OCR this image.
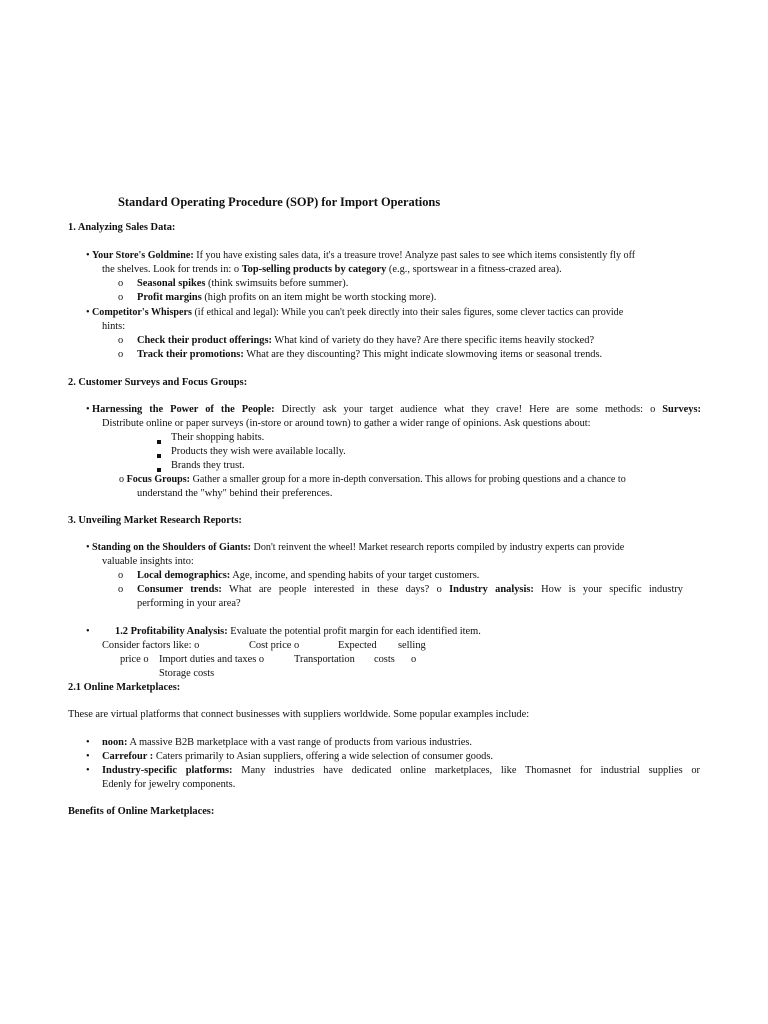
Standard Operating Procedure (SOP) for Import Operations
1. Analyzing Sales Data:
• Your Store's Goldmine: If you have existing sales data, it's a treasure trove! Analyze past sales to see which items consistently fly off
the shelves. Look for trends in: o Top-selling products by category (e.g., sportswear in a fitness-crazed area).
o Seasonal spikes (think swimsuits before summer).
o Profit margins (high profits on an item might be worth stocking more).
• Competitor's Whispers (if ethical and legal): While you can't peek directly into their sales figures, some clever tactics can provide
hints:
o Check their product offerings: What kind of variety do they have? Are there specific items heavily stocked?
o Track their promotions: What are they discounting? This might indicate slowmoving items or seasonal trends.
2. Customer Surveys and Focus Groups:
• Harnessing the Power of the People: Directly ask your target audience what they crave! Here are some methods: o Surveys:
Distribute online or paper surveys (in-store or around town) to gather a wider range of opinions. Ask questions about:
Their shopping habits.
Products they wish were available locally.
Brands they trust.
o Focus Groups: Gather a smaller group for a more in-depth conversation. This allows for probing questions and a chance to
understand the "why" behind their preferences.
3. Unveiling Market Research Reports:
• Standing on the Shoulders of Giants: Don't reinvent the wheel! Market research reports compiled by industry experts can provide
valuable insights into:
o Local demographics: Age, income, and spending habits of your target customers.
o Consumer trends: What are people interested in these days? o Industry analysis: How is your specific industry
performing in your area?
• 1.2 Profitability Analysis: Evaluate the potential profit margin for each identified item.
Consider factors like: o	Cost price o	Expected selling
price o Import duties and taxes o	Transportation costs o
Storage costs
2.1 Online Marketplaces:
These are virtual platforms that connect businesses with suppliers worldwide. Some popular examples include:
• noon: A massive B2B marketplace with a vast range of products from various industries.
• Carrefour : Caters primarily to Asian suppliers, offering a wide selection of consumer goods.
• Industry-specific platforms: Many industries have dedicated online marketplaces, like Thomasnet for industrial supplies or
Edenly for jewelry components.
Benefits of Online Marketplaces:
